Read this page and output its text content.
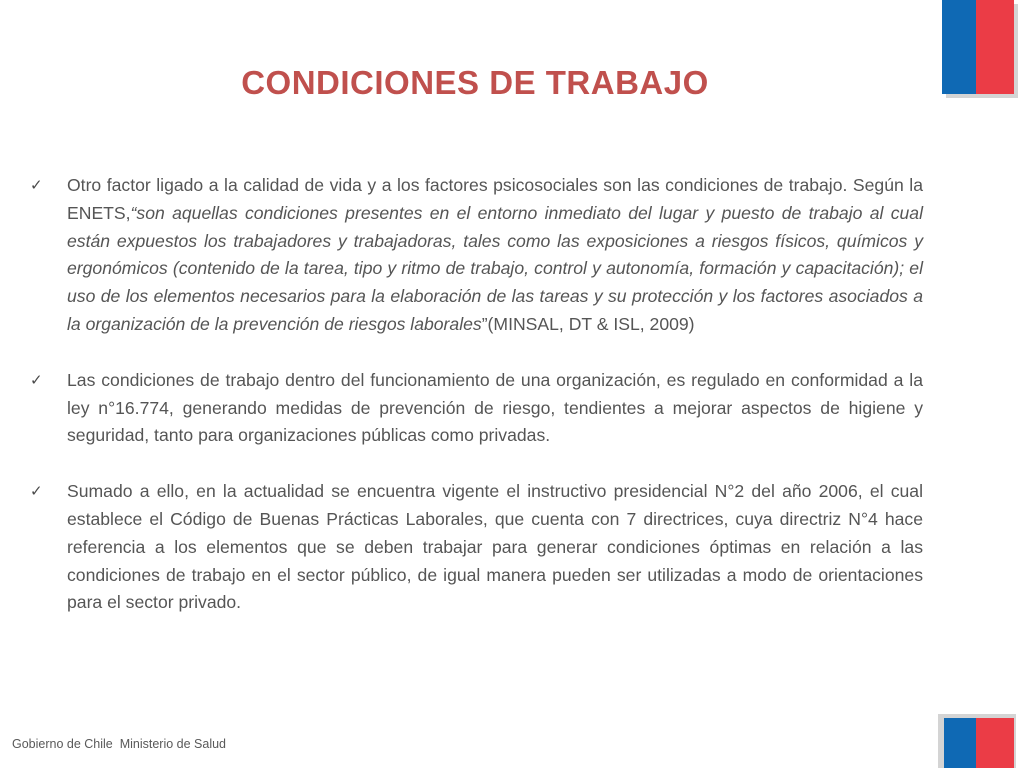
CONDICIONES DE TRABAJO
✓ Otro factor ligado a la calidad de vida y a los factores psicosociales son las condiciones de trabajo. Según la ENETS,“son aquellas condiciones presentes en el entorno inmediato del lugar y puesto de trabajo al cual están expuestos los trabajadores y trabajadoras, tales como las exposiciones a riesgos físicos, químicos y ergonómicos (contenido de la tarea, tipo y ritmo de trabajo, control y autonomía, formación y capacitación); el uso de los elementos necesarios para la elaboración de las tareas y su protección y los factores asociados a la organización de la prevención de riesgos laborales”(MINSAL, DT & ISL, 2009)
✓ Las condiciones de trabajo dentro del funcionamiento de una organización, es regulado en conformidad a la ley n°16.774, generando medidas de prevención de riesgo, tendientes a mejorar aspectos de higiene y seguridad, tanto para organizaciones públicas como privadas.
✓ Sumado a ello, en la actualidad se encuentra vigente el instructivo presidencial N°2 del año 2006, el cual establece el Código de Buenas Prácticas Laborales, que cuenta con 7 directrices, cuya directriz N°4 hace referencia a los elementos que se deben trabajar para generar condiciones óptimas en relación a las condiciones de trabajo en el sector público, de igual manera pueden ser utilizadas a modo de orientaciones para el sector privado.
Gobierno de Chile  Ministerio de Salud
